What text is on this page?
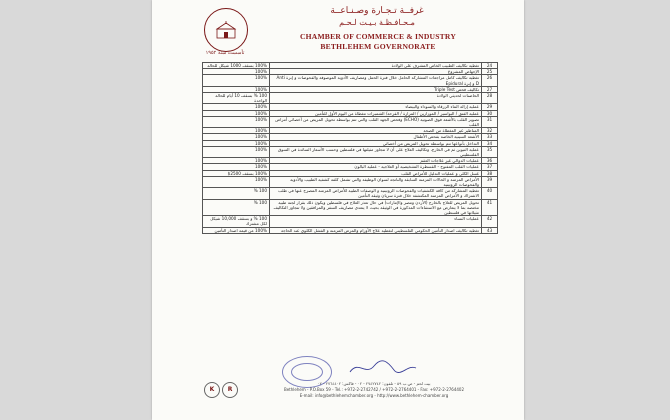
تأسست سنة ١٩٥٢
غرفــة تـجـارة وصـنـاعــة
مـحـافـظـة بـيـت لـحـم
CHAMBER OF COMMERCE & INDUSTRY
BETHLEHEM GOVERNORATE
100% بسقف 1000 شيكل للحالة	تغطية تكاليف الطبيب الخاص المشرف على الولادة	24
100%	الإجهاض المشروع	25
100%	تغطية تكاليف كامل مراجعات المشاركة الحامل خلال فترة الحمل ومصاريف الأدوية الموصوفة والفحوصات و إبرة Anti D و إبرة Epidural	26
100%	تكاليف فحص Triple Test	27
100 % بسقف 10 أيام للحالة الواحدة	الحاضنات لحديثي الولادة	28
100%	عملية إزالة الماء الزرقاء والسوداء والبيضاء	29
100%	عملية الفتق / البواسير / الموزارين / المرارة / القرحة/ الشمبرات مغطاة من اليوم الأول للتأمين	30
100%	تصوير القلب بالأشعة فوق الصوتية (ECHO) وفحص الجهد القلب والتي تتم بواسطة تحويل المريض من أخصائي أمراض القلب	31
100%	المناظير غير المغطاة من الصحة	32
100%	الأشعة السينية الخاصة بفحص الأطفال	33
100%	التداخل بأنواعها تتم بواسطة تحويل المريض من أخصائي	34
100%	عملية التبوين ثم في الخارج، وتكاليف العلاج على أن لا تتجاوز مثيلتها في فلسطين وحسب الأسعار السائدة في السوق الفلسطيني	35
100%	عمليات الدوالي غير علاجات العقم	36
100%	عمليات القلب المفتوح - القسطرة التشخيصية أو العلاجية - عملية البالون	37
100% بسقف 2500$	غسل الكلى و عمليات التدليل للأمراض القلب	38
100%	الأمراض المزمنة و الحالات المزمنة السابقة والناتجة لسوان الوظيفة والتي تشمل كلفة كشفية الطبيب والأدوية والفحوصات الروتينية	39
100 %	تغطية المشاركة من كافة الكشفيات والفحوصات الروتينية و الوصفات الطبية للأمراض المزمنة المصرح عنها في طلب الاشتراك و الأمراض المزمنة المكتشفة خلال فترة سريان وثيقة التأمين	40
100 %	تحويل المريض للعلاج بالخارج (الأردن ومصر والإمارات) في حال تعذر العلاج في فلسطين ويكون ذلك بقرار لجنة طبية مختصة بما لا يتعارض مع الاستثناءات المذكورة في الوثيقة بحيث لا يتعدى مصاريف السفر والمرافقين ولا تتجاوز التكاليف مثيلاتها في فلسطين	41
100 % و بسقف 10,000 شيكل لكل مشترك	عمليات النساء	42
100% من قيمة اصدار التأمين	تغطية تكاليف اصدار التأمين الحكومي الفلسطيني لتغطية علاج الأورام والمرض المزمنة و الفشل الكلوي عند الحاجة	43
K	R
بيت لحم - ص.ب ٥٩ - تلفون: ٢٧٤٢٧٤٢ - ٠٢ - فاكس: ٢٧٦٤٤٠٢ - ٠٢
Bethlehem - P.O.Box 59 - Tel.: +972-2-2742742 / +972-2-2764401 - Fax: +972-2-2764402
E-mail: info@bethlehemchamber.org - http://www.bethlehem-chamber.org
